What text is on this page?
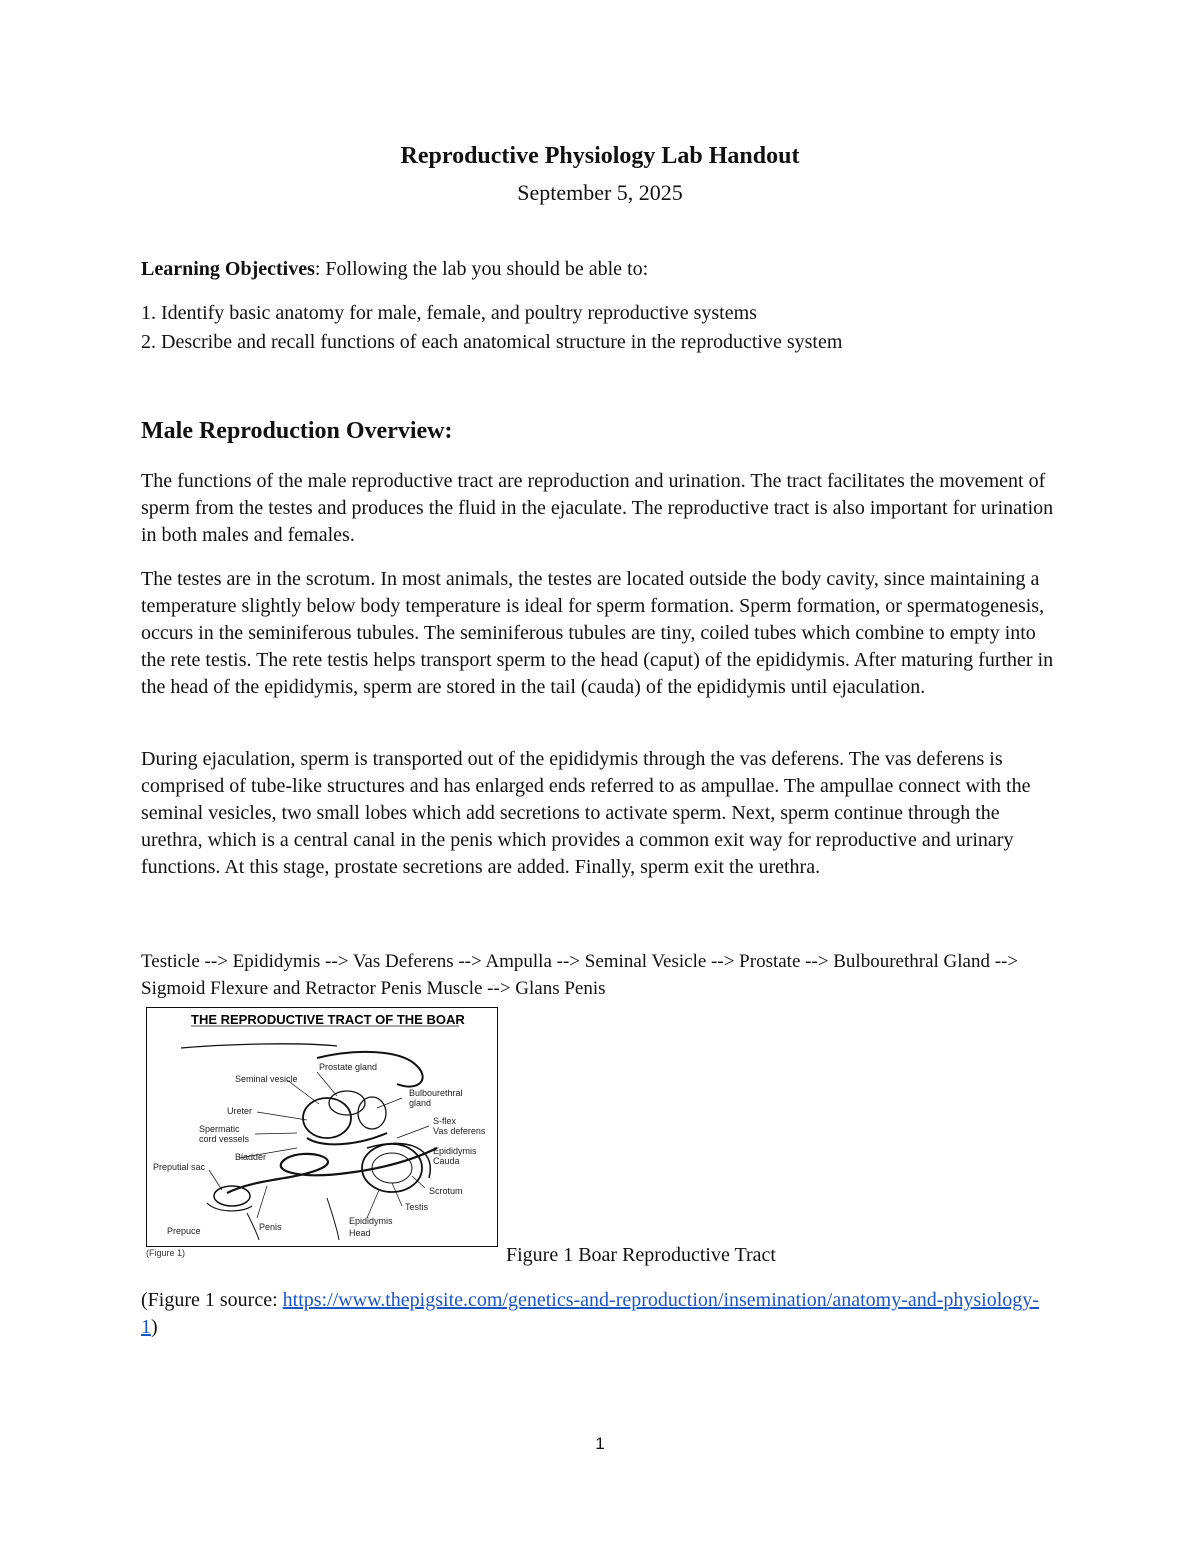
Reproductive Physiology Lab Handout
September 5, 2025
Learning Objectives: Following the lab you should be able to:
1. Identify basic anatomy for male, female, and poultry reproductive systems
2. Describe and recall functions of each anatomical structure in the reproductive system
Male Reproduction Overview:
The functions of the male reproductive tract are reproduction and urination. The tract facilitates the movement of sperm from the testes and produces the fluid in the ejaculate. The reproductive tract is also important for urination in both males and females.
The testes are in the scrotum. In most animals, the testes are located outside the body cavity, since maintaining a temperature slightly below body temperature is ideal for sperm formation. Sperm formation, or spermatogenesis, occurs in the seminiferous tubules. The seminiferous tubules are tiny, coiled tubes which combine to empty into the rete testis. The rete testis helps transport sperm to the head (caput) of the epididymis. After maturing further in the head of the epididymis, sperm are stored in the tail (cauda) of the epididymis until ejaculation.
During ejaculation, sperm is transported out of the epididymis through the vas deferens. The vas deferens is comprised of tube-like structures and has enlarged ends referred to as ampullae. The ampullae connect with the seminal vesicles, two small lobes which add secretions to activate sperm. Next, sperm continue through the urethra, which is a central canal in the penis which provides a common exit way for reproductive and urinary functions. At this stage, prostate secretions are added. Finally, sperm exit the urethra.
Testicle --> Epididymis --> Vas Deferens --> Ampulla --> Seminal Vesicle --> Prostate --> Bulbourethral Gland --> Sigmoid Flexure and Retractor Penis Muscle --> Glans Penis
THE REPRODUCTIVE TRACT OF THE BOAR
Prostate gland
Seminal vesicle
Ureter
Spermatic
cord vessels
Bladder
Preputial sac
Prepuce	Penis
Bulbourethral
gland
S-flex
Vas deferens
Epididymis
Cauda
Scrotum
Testis
Epididymis
Head
(Figure 1)	Figure 1 Boar Reproductive Tract
(Figure 1 source: https://www.thepigsite.com/genetics-and-reproduction/insemination/anatomy-and-physiology-1)
1
